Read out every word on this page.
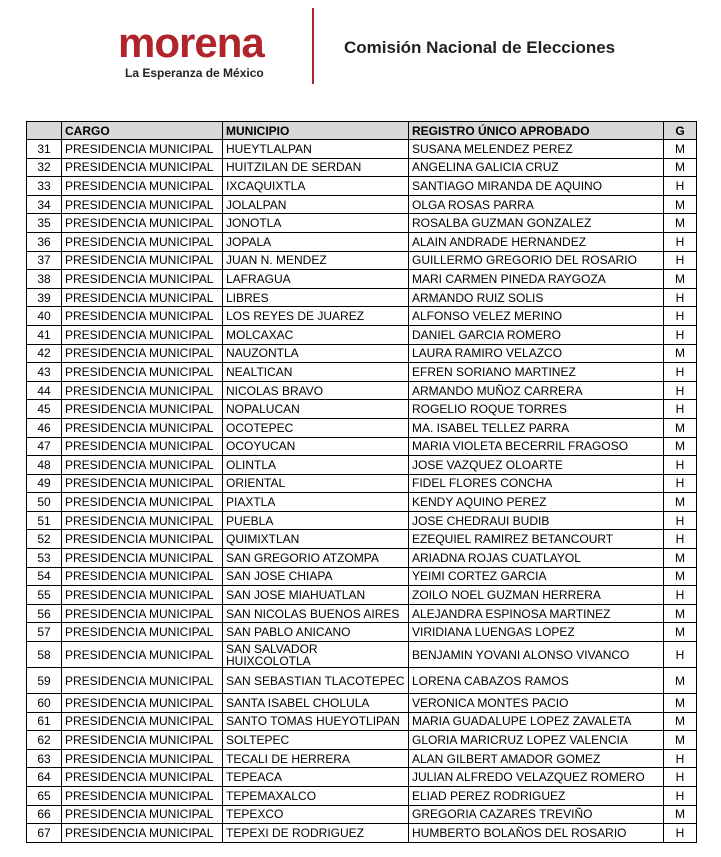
morena
La Esperanza de México
Comisión Nacional de Elecciones
	CARGO	MUNICIPIO	REGISTRO ÚNICO APROBADO	G
31	PRESIDENCIA MUNICIPAL	HUEYTLALPAN	SUSANA MELENDEZ PEREZ	M
32	PRESIDENCIA MUNICIPAL	HUITZILAN DE SERDAN	ANGELINA GALICIA CRUZ	M
33	PRESIDENCIA MUNICIPAL	IXCAQUIXTLA	SANTIAGO MIRANDA DE AQUINO	H
34	PRESIDENCIA MUNICIPAL	JOLALPAN	OLGA ROSAS PARRA	M
35	PRESIDENCIA MUNICIPAL	JONOTLA	ROSALBA GUZMAN GONZALEZ	M
36	PRESIDENCIA MUNICIPAL	JOPALA	ALAIN ANDRADE HERNANDEZ	H
37	PRESIDENCIA MUNICIPAL	JUAN N. MENDEZ	GUILLERMO GREGORIO DEL ROSARIO	H
38	PRESIDENCIA MUNICIPAL	LAFRAGUA	MARI CARMEN PINEDA RAYGOZA	M
39	PRESIDENCIA MUNICIPAL	LIBRES	ARMANDO RUIZ SOLIS	H
40	PRESIDENCIA MUNICIPAL	LOS REYES DE JUAREZ	ALFONSO VELEZ MERINO	H
41	PRESIDENCIA MUNICIPAL	MOLCAXAC	DANIEL GARCIA ROMERO	H
42	PRESIDENCIA MUNICIPAL	NAUZONTLA	LAURA RAMIRO VELAZCO	M
43	PRESIDENCIA MUNICIPAL	NEALTICAN	EFREN SORIANO MARTINEZ	H
44	PRESIDENCIA MUNICIPAL	NICOLAS BRAVO	ARMANDO MUÑOZ CARRERA	H
45	PRESIDENCIA MUNICIPAL	NOPALUCAN	ROGELIO ROQUE TORRES	H
46	PRESIDENCIA MUNICIPAL	OCOTEPEC	MA. ISABEL TELLEZ PARRA	M
47	PRESIDENCIA MUNICIPAL	OCOYUCAN	MARIA VIOLETA BECERRIL FRAGOSO	M
48	PRESIDENCIA MUNICIPAL	OLINTLA	JOSE VAZQUEZ OLOARTE	H
49	PRESIDENCIA MUNICIPAL	ORIENTAL	FIDEL FLORES CONCHA	H
50	PRESIDENCIA MUNICIPAL	PIAXTLA	KENDY AQUINO PEREZ	M
51	PRESIDENCIA MUNICIPAL	PUEBLA	JOSE CHEDRAUI BUDIB	H
52	PRESIDENCIA MUNICIPAL	QUIMIXTLAN	EZEQUIEL RAMIREZ BETANCOURT	H
53	PRESIDENCIA MUNICIPAL	SAN GREGORIO ATZOMPA	ARIADNA ROJAS CUATLAYOL	M
54	PRESIDENCIA MUNICIPAL	SAN JOSE CHIAPA	YEIMI CORTEZ GARCIA	M
55	PRESIDENCIA MUNICIPAL	SAN JOSE MIAHUATLAN	ZOILO NOEL GUZMAN HERRERA	H
56	PRESIDENCIA MUNICIPAL	SAN NICOLAS BUENOS AIRES	ALEJANDRA ESPINOSA MARTINEZ	M
57	PRESIDENCIA MUNICIPAL	SAN PABLO ANICANO	VIRIDIANA LUENGAS LOPEZ	M
58	PRESIDENCIA MUNICIPAL	SAN SALVADOR HUIXCOLOTLA	BENJAMIN YOVANI ALONSO VIVANCO	H
59	PRESIDENCIA MUNICIPAL	SAN SEBASTIAN TLACOTEPEC	LORENA CABAZOS RAMOS	M
60	PRESIDENCIA MUNICIPAL	SANTA ISABEL CHOLULA	VERONICA MONTES PACIO	M
61	PRESIDENCIA MUNICIPAL	SANTO TOMAS HUEYOTLIPAN	MARIA GUADALUPE LOPEZ ZAVALETA	M
62	PRESIDENCIA MUNICIPAL	SOLTEPEC	GLORIA MARICRUZ LOPEZ VALENCIA	M
63	PRESIDENCIA MUNICIPAL	TECALI DE HERRERA	ALAN GILBERT AMADOR GOMEZ	H
64	PRESIDENCIA MUNICIPAL	TEPEACA	JULIAN ALFREDO VELAZQUEZ ROMERO	H
65	PRESIDENCIA MUNICIPAL	TEPEMAXALCO	ELIAD PEREZ RODRIGUEZ	H
66	PRESIDENCIA MUNICIPAL	TEPEXCO	GREGORIA CAZARES TREVIÑO	M
67	PRESIDENCIA MUNICIPAL	TEPEXI DE RODRIGUEZ	HUMBERTO BOLAÑOS DEL ROSARIO	H
